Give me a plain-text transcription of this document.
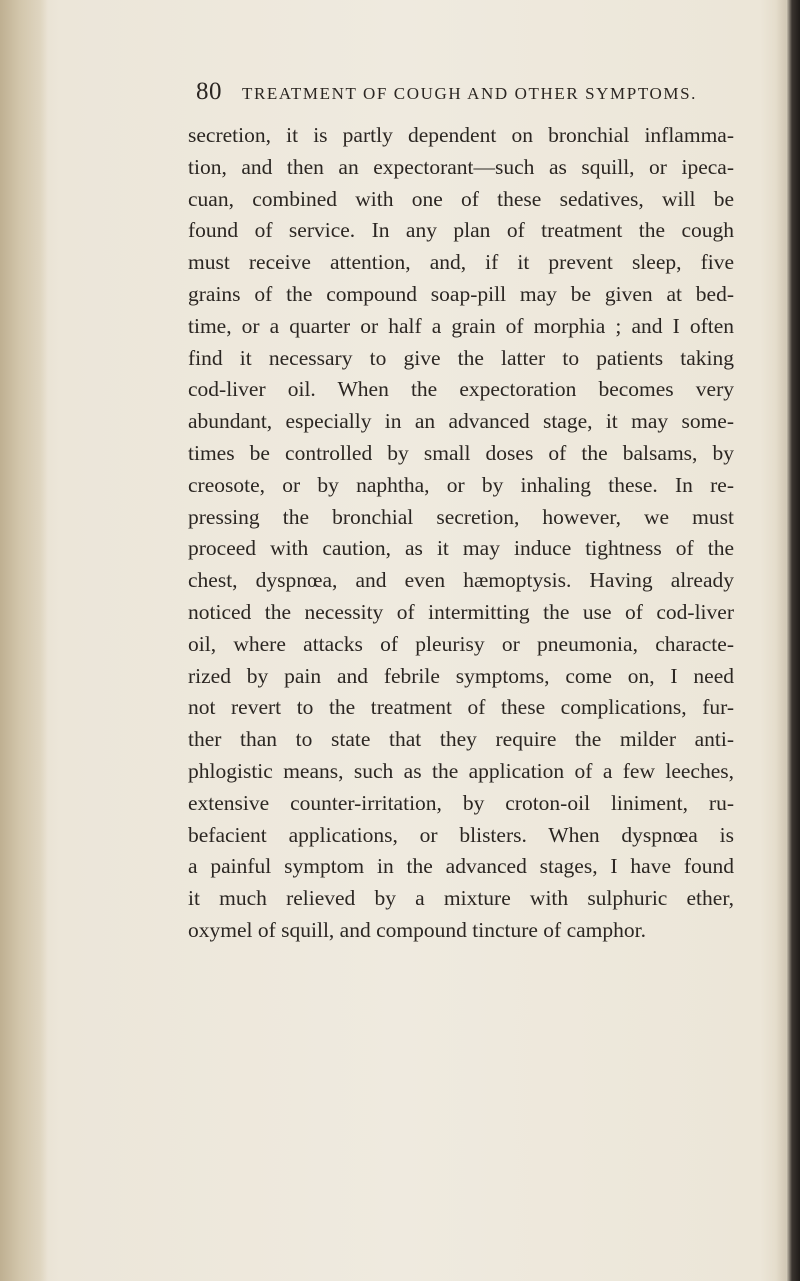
80 TREATMENT OF COUGH AND OTHER SYMPTOMS.
secretion, it is partly dependent on bronchial inflamma-
tion, and then an expectorant—such as squill, or ipeca-
cuan, combined with one of these sedatives, will be
found of service. In any plan of treatment the cough
must receive attention, and, if it prevent sleep, five
grains of the compound soap-pill may be given at bed-
time, or a quarter or half a grain of morphia ; and I often
find it necessary to give the latter to patients taking
cod-liver oil. When the expectoration becomes very
abundant, especially in an advanced stage, it may some-
times be controlled by small doses of the balsams, by
creosote, or by naphtha, or by inhaling these. In re-
pressing the bronchial secretion, however, we must
proceed with caution, as it may induce tightness of the
chest, dyspnœa, and even hæmoptysis. Having already
noticed the necessity of intermitting the use of cod-liver
oil, where attacks of pleurisy or pneumonia, characte-
rized by pain and febrile symptoms, come on, I need
not revert to the treatment of these complications, fur-
ther than to state that they require the milder anti-
phlogistic means, such as the application of a few leeches,
extensive counter-irritation, by croton-oil liniment, ru-
befacient applications, or blisters. When dyspnœa is
a painful symptom in the advanced stages, I have found
it much relieved by a mixture with sulphuric ether,
oxymel of squill, and compound tincture of camphor.
